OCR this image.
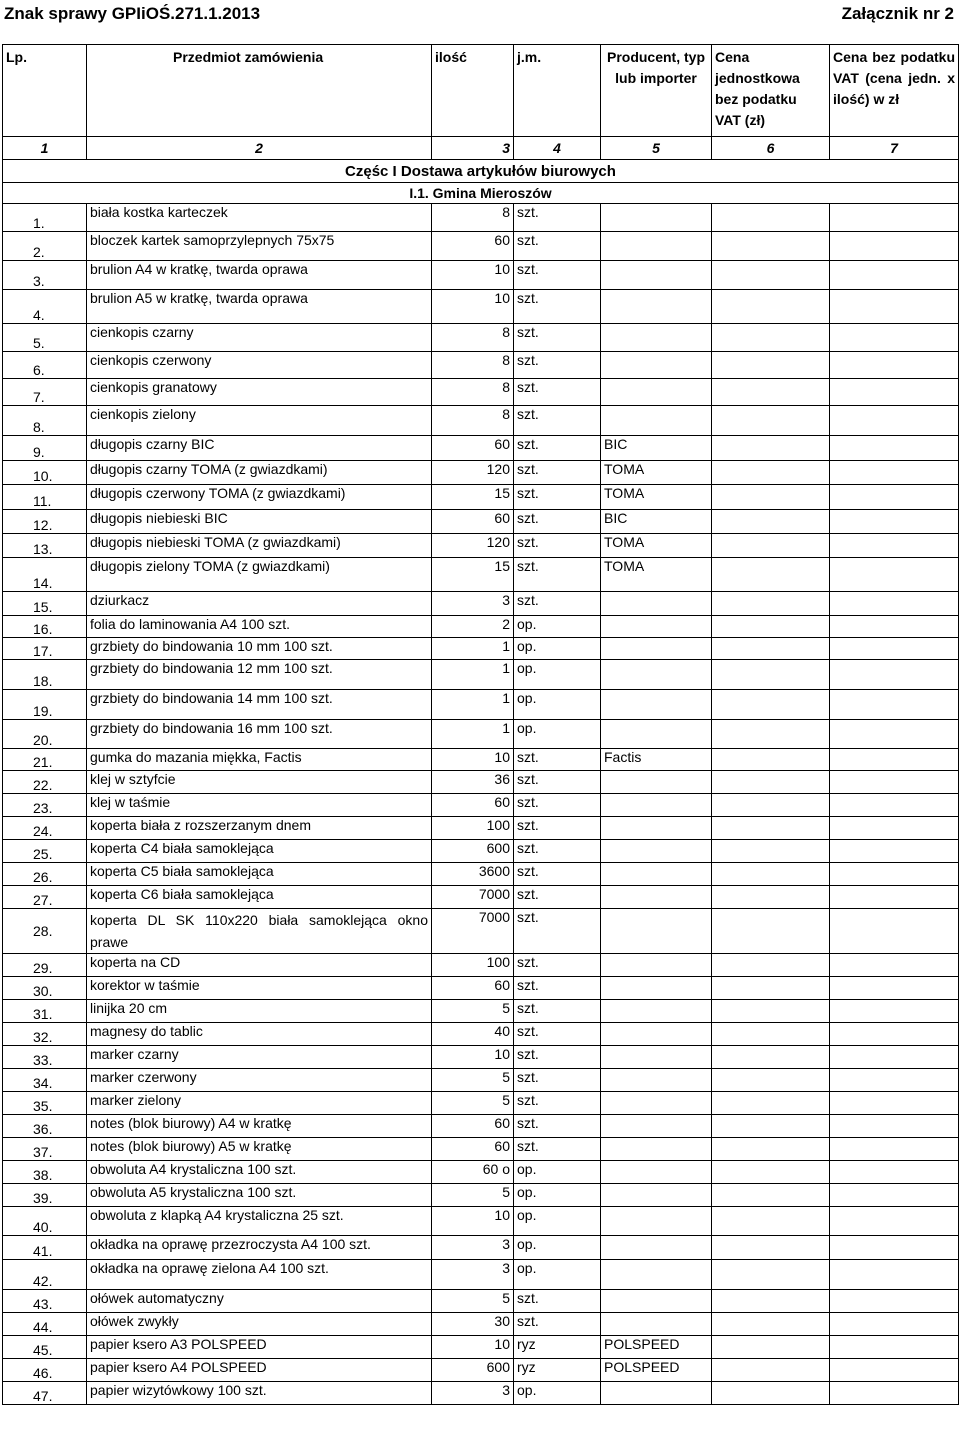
Znak sprawy GPIiOŚ.271.1.2013	Załącznik nr 2
Lp.	Przedmiot zamówienia	ilość	j.m.	Producent, typ lub importer	Cena jednostkowa bez podatku VAT (zł)	Cena bez podatku VAT (cena jedn. x ilość) w zł
1	2	3	4	5	6	7
Częśc I Dostawa artykułów biurowych						
I.1. Gmina Mieroszów						
1.	biała kostka karteczek	8	szt.			
2.	bloczek kartek samoprzylepnych 75x75	60	szt.			
3.	brulion A4 w kratkę, twarda oprawa	10	szt.			
4.	brulion A5 w kratkę, twarda oprawa	10	szt.			
5.	cienkopis czarny	8	szt.			
6.	cienkopis czerwony	8	szt.			
7.	cienkopis granatowy	8	szt.			
8.	cienkopis zielony	8	szt.			
9.	długopis czarny BIC	60	szt.	BIC		
10.	długopis czarny TOMA (z gwiazdkami)	120	szt.	TOMA		
11.	długopis czerwony TOMA (z gwiazdkami)	15	szt.	TOMA		
12.	długopis niebieski BIC	60	szt.	BIC		
13.	długopis niebieski TOMA (z gwiazdkami)	120	szt.	TOMA		
14.	długopis zielony TOMA (z gwiazdkami)	15	szt.	TOMA		
15.	dziurkacz	3	szt.			
16.	folia do laminowania A4 100 szt.	2	op.			
17.	grzbiety do bindowania 10 mm 100 szt.	1	op.			
18.	grzbiety do bindowania 12 mm 100 szt.	1	op.			
19.	grzbiety do bindowania 14 mm 100 szt.	1	op.			
20.	grzbiety do bindowania 16 mm 100 szt.	1	op.			
21.	gumka do mazania miękka, Factis	10	szt.	Factis		
22.	klej w sztyfcie	36	szt.			
23.	klej w taśmie	60	szt.			
24.	koperta biała z rozszerzanym dnem	100	szt.			
25.	koperta C4 biała samoklejąca	600	szt.			
26.	koperta C5 biała samoklejąca	3600	szt.			
27.	koperta C6 biała samoklejąca	7000	szt.			
28.	koperta DL SK 110x220 biała samoklejąca okno prawe	7000	szt.			
29.	koperta na CD	100	szt.			
30.	korektor w taśmie	60	szt.			
31.	linijka 20 cm	5	szt.			
32.	magnesy do tablic	40	szt.			
33.	marker czarny	10	szt.			
34.	marker czerwony	5	szt.			
35.	marker zielony	5	szt.			
36.	notes (blok biurowy) A4 w kratkę	60	szt.			
37.	notes (blok biurowy) A5 w kratkę	60	szt.			
38.	obwoluta A4 krystaliczna 100 szt.	60 o	op.			
39.	obwoluta A5 krystaliczna 100 szt.	5	op.			
40.	obwoluta z klapką A4 krystaliczna 25 szt.	10	op.			
41.	okładka na oprawę przezroczysta A4 100 szt.	3	op.			
42.	okładka na oprawę zielona A4 100 szt.	3	op.			
43.	ołówek automatyczny	5	szt.			
44.	ołówek zwykły	30	szt.			
45.	papier ksero A3 POLSPEED	10	ryz	POLSPEED		
46.	papier ksero A4 POLSPEED	600	ryz	POLSPEED		
47.	papier wizytówkowy 100 szt.	3	op.			
